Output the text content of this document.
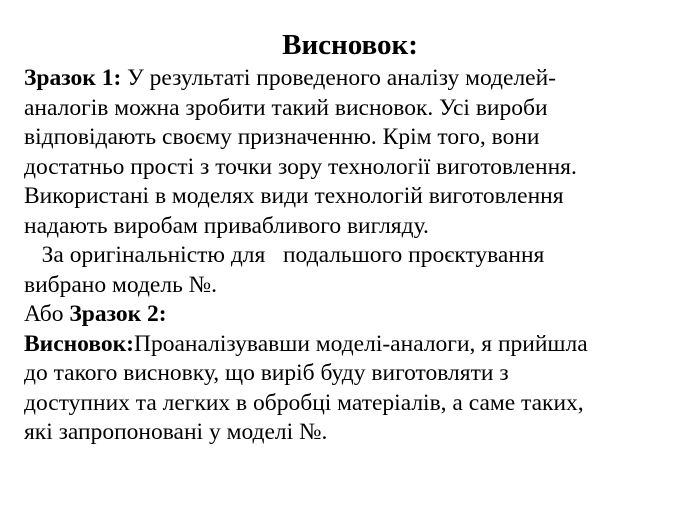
Висновок:
Зразок 1: У результаті проведеного аналізу моделей-
аналогів можна зробити такий висновок. Усі вироби
відповідають своєму призначенню. Крім того, вони
достатньо прості з точки зору технології виготовлення.
Використані в моделях види технологій виготовлення
надають виробам привабливого вигляду.
За оригінальністю для   подальшого проєктування
вибрано модель №.
Або Зразок 2:
Висновок:Проаналізувавши моделі-аналоги, я прийшла
до такого висновку, що виріб буду виготовляти з
доступних та легких в обробці матеріалів, а саме таких,
які запропоновані у моделі №.
